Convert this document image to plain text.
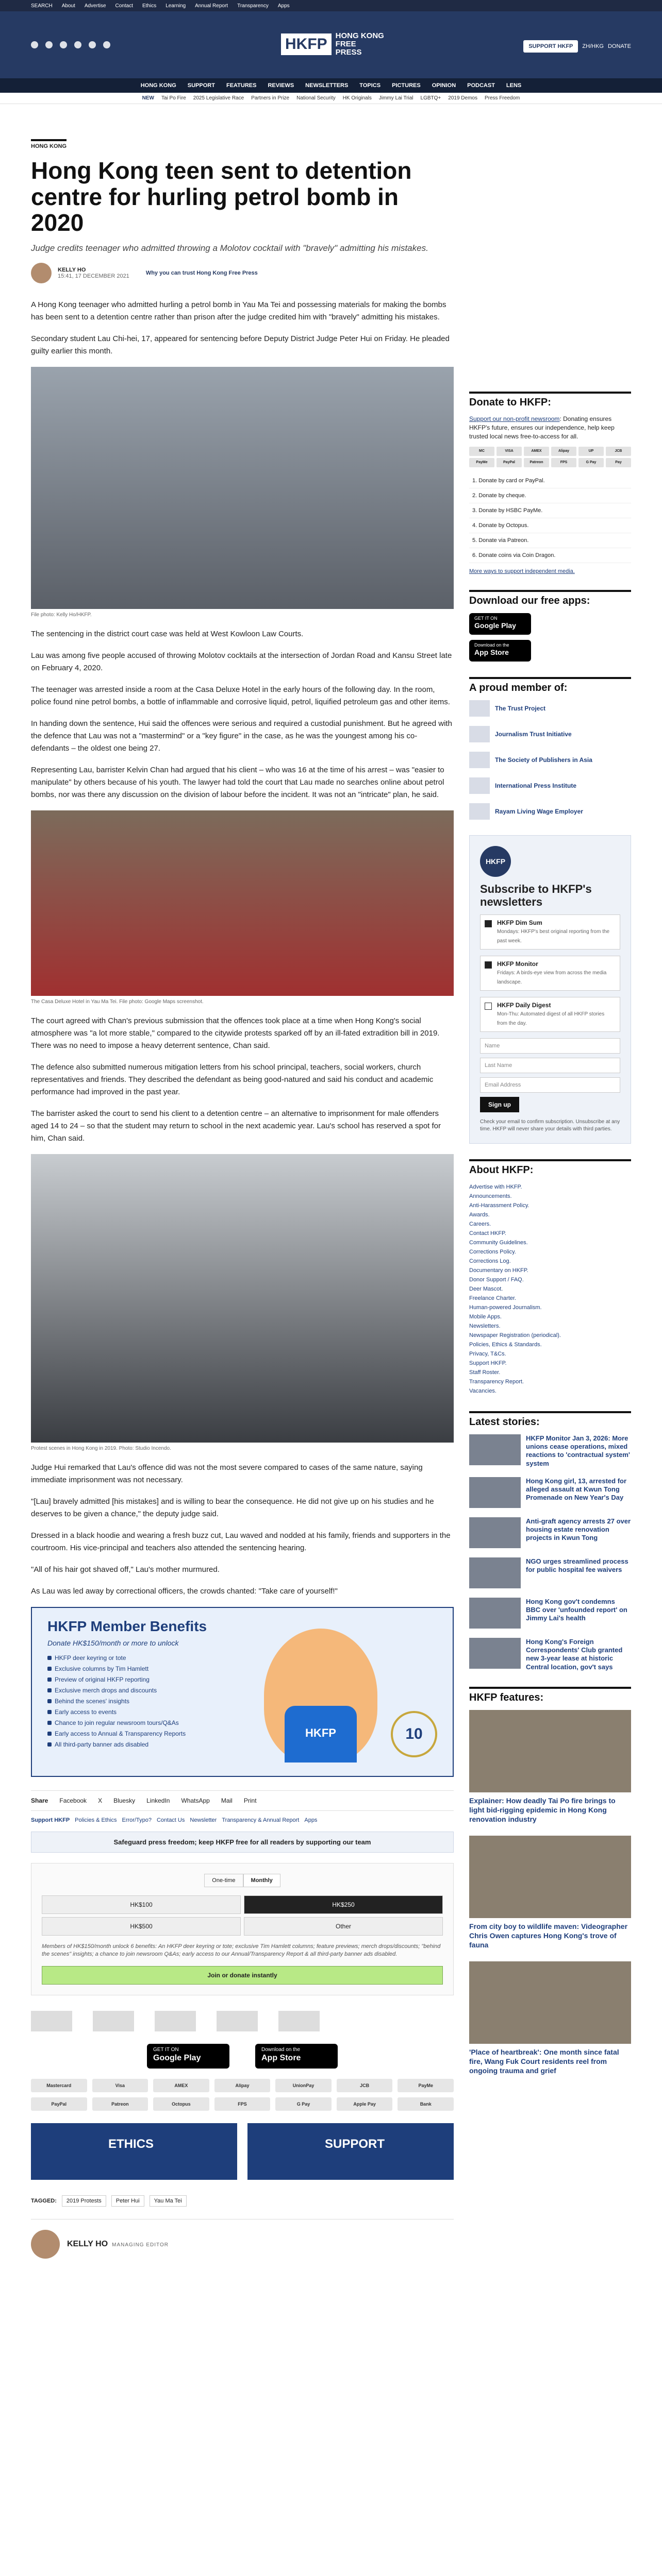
SEARCH About Advertise Contact Ethics Learning Annual Report Transparency Apps
HKFP	HONG KONG
FREE PRESS
SUPPORT HKFP	ZH/HKG DONATE
HONG KONG SUPPORT FEATURES REVIEWS NEWSLETTERS TOPICS PICTURES OPINION PODCAST LENS
NEW Tai Po Fire 2025 Legislative Race Partners in Prize National Security HK Originals Jimmy Lai Trial LGBTQ+ 2019 Demos Press Freedom
HONG KONG
Hong Kong teen sent to detention centre for hurling petrol bomb in 2020
Judge credits teenager who admitted throwing a Molotov cocktail with "bravely" admitting his mistakes.
KELLY HO
15:41, 17 DECEMBER 2021	Why you can trust Hong Kong Free Press

A Hong Kong teenager who admitted hurling a petrol bomb in Yau Ma Tei and possessing materials for making the bombs has been sent to a detention centre rather than prison after the judge credited him with "bravely" admitting his mistakes.

Secondary student Lau Chi-hei, 17, appeared for sentencing before Deputy District Judge Peter Hui on Friday. He pleaded guilty earlier this month.

File photo: Kelly Ho/HKFP.

The sentencing in the district court case was held at West Kowloon Law Courts.

Lau was among five people accused of throwing Molotov cocktails at the intersection of Jordan Road and Kansu Street late on February 4, 2020.

The teenager was arrested inside a room at the Casa Deluxe Hotel in the early hours of the following day. In the room, police found nine petrol bombs, a bottle of inflammable and corrosive liquid, petrol, liquified petroleum gas and other items.

In handing down the sentence, Hui said the offences were serious and required a custodial punishment. But he agreed with the defence that Lau was not a "mastermind" or a "key figure" in the case, as he was the youngest among his co-defendants – the oldest one being 27.

Representing Lau, barrister Kelvin Chan had argued that his client – who was 16 at the time of his arrest – was "easier to manipulate" by others because of his youth. The lawyer had told the court that Lau made no searches online about petrol bombs, nor was there any discussion on the division of labour before the incident. It was not an "intricate" plan, he said.

The Casa Deluxe Hotel in Yau Ma Tei. File photo: Google Maps screenshot.

The court agreed with Chan's previous submission that the offences took place at a time when Hong Kong's social atmosphere was "a lot more stable," compared to the citywide protests sparked off by an ill-fated extradition bill in 2019. There was no need to impose a heavy deterrent sentence, Chan said.

The defence also submitted numerous mitigation letters from his school principal, teachers, social workers, church representatives and friends. They described the defendant as being good-natured and said his conduct and academic performance had improved in the past year.

The barrister asked the court to send his client to a detention centre – an alternative to imprisonment for male offenders aged 14 to 24 – so that the student may return to school in the next academic year. Lau's school has reserved a spot for him, Chan said.

Protest scenes in Hong Kong in 2019. Photo: Studio Incendo.

Judge Hui remarked that Lau's offence did was not the most severe compared to cases of the same nature, saying immediate imprisonment was not necessary.

"[Lau] bravely admitted [his mistakes] and is willing to bear the consequence. He did not give up on his studies and he deserves to be given a chance," the deputy judge said.

Dressed in a black hoodie and wearing a fresh buzz cut, Lau waved and nodded at his family, friends and supporters in the courtroom. His vice-principal and teachers also attended the sentencing hearing.

"All of his hair got shaved off," Lau's mother murmured.

As Lau was led away by correctional officers, the crowds chanted: "Take care of yourself!"

HKFP Member Benefits
Donate HK$150/month or more to unlock
HKFP deer keyring or tote
Exclusive columns by Tim Hamlett
Preview of original HKFP reporting
Exclusive merch drops and discounts
Behind the scenes' insights
Early access to events
Chance to join regular newsroom tours/Q&As
Early access to Annual & Transparency Reports
All third-party banner ads disabled
HKFP	10
Share Facebook X Bluesky LinkedIn WhatsApp Mail Print
Support HKFP Policies & Ethics Error/Typo? Contact Us Newsletter Transparency & Annual Report Apps
Safeguard press freedom; keep HKFP free for all readers by supporting our team
One-time	Monthly
HK$100	HK$250
HK$500	Other
Members of HK$150/month unlock 6 benefits: An HKFP deer keyring or tote; exclusive Tim Hamlett columns; feature previews; merch drops/discounts; "behind the scenes" insights; a chance to join newsroom Q&As; early access to our Annual/Transparency Report & all third-party banner ads disabled.
Join or donate instantly
GET IT ON
Google Play
Download on the
App Store
Mastercard	Visa	AMEX	Alipay	UnionPay	JCB	PayMe
PayPal	Patreon	Octopus	FPS	G Pay	Apple Pay	Bank
ETHICS	SUPPORT
TAGGED:	2019 Protests	Peter Hui	Yau Ma Tei
KELLY HO MANAGING EDITOR
Donate to HKFP:

Support our non-profit newsroom: Donating ensures HKFP's future, ensures our independence, help keep trusted local news free-to-access for all.

MC	VISA	AMEX	Alipay	UP	JCB
PayMe	PayPal	Patreon	FPS	G Pay	Pay
1. Donate by card or PayPal.
2. Donate by cheque.
3. Donate by HSBC PayMe.
4. Donate by Octopus.
5. Donate via Patreon.
6. Donate coins via Coin Dragon.
More ways to support independent media.
Download our free apps:
GET IT ON
Google Play
Download on the
App Store
A proud member of:
The Trust Project
Journalism Trust Initiative
The Society of Publishers in Asia
International Press Institute
Rayam Living Wage Employer
HKFP
Subscribe to HKFP's newsletters
HKFP Dim Sum
Mondays: HKFP's best original reporting from the past week.
HKFP Monitor
Fridays: A birds-eye view from across the media landscape.
HKFP Daily Digest
Mon-Thu: Automated digest of all HKFP stories from the day.
Name
Last Name
Email Address
Sign up
Check your email to confirm subscription. Unsubscribe at any time. HKFP will never share your details with third parties.
About HKFP:
Advertise with HKFP.
Announcements.
Anti-Harassment Policy.
Awards.
Careers.
Contact HKFP.
Community Guidelines.
Corrections Policy.
Corrections Log.
Documentary on HKFP.
Donor Support / FAQ.
Deer Mascot.
Freelance Charter.
Human-powered Journalism.
Mobile Apps.
Newsletters.
Newspaper Registration (periodical).
Policies, Ethics & Standards.
Privacy, T&Cs.
Support HKFP.
Staff Roster.
Transparency Report.
Vacancies.
Latest stories:
HKFP Monitor Jan 3, 2026: More unions cease operations, mixed reactions to 'contractual system' system
Hong Kong girl, 13, arrested for alleged assault at Kwun Tong Promenade on New Year's Day
Anti-graft agency arrests 27 over housing estate renovation projects in Kwun Tong
NGO urges streamlined process for public hospital fee waivers
Hong Kong gov't condemns BBC over 'unfounded report' on Jimmy Lai's health
Hong Kong's Foreign Correspondents' Club granted new 3-year lease at historic Central location, gov't says
HKFP features:
Explainer: How deadly Tai Po fire brings to light bid-rigging epidemic in Hong Kong renovation industry
From city boy to wildlife maven: Videographer Chris Owen captures Hong Kong's trove of fauna
'Place of heartbreak': One month since fatal fire, Wang Fuk Court residents reel from ongoing trauma and grief
